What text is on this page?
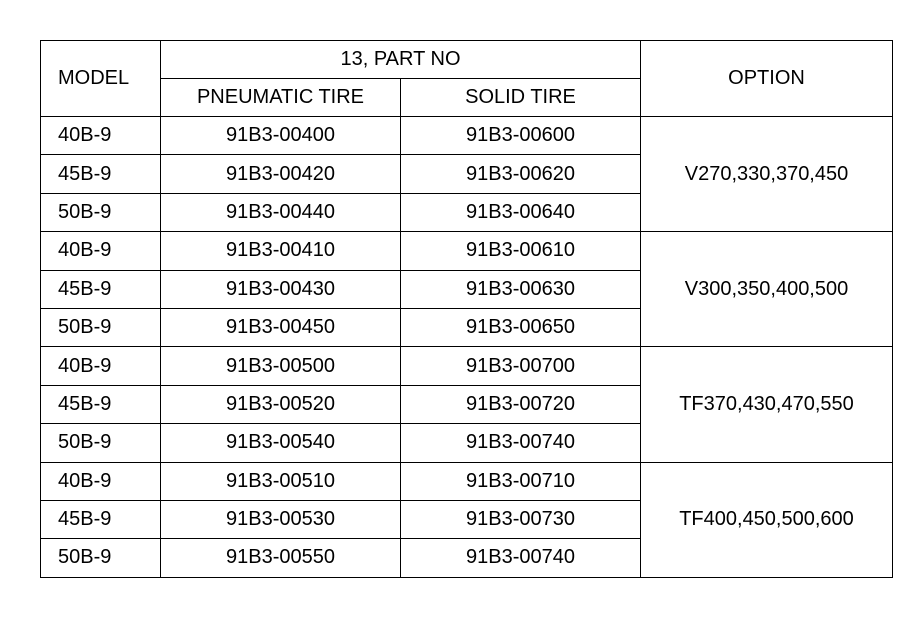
MODEL	13, PART NO		OPTION
	PNEUMATIC TIRE	SOLID TIRE	
40B-9	91B3-00400	91B3-00600	V270,330,370,450
45B-9	91B3-00420	91B3-00620	
50B-9	91B3-00440	91B3-00640	
40B-9	91B3-00410	91B3-00610	V300,350,400,500
45B-9	91B3-00430	91B3-00630	
50B-9	91B3-00450	91B3-00650	
40B-9	91B3-00500	91B3-00700	TF370,430,470,550
45B-9	91B3-00520	91B3-00720	
50B-9	91B3-00540	91B3-00740	
40B-9	91B3-00510	91B3-00710	TF400,450,500,600
45B-9	91B3-00530	91B3-00730	
50B-9	91B3-00550	91B3-00740	
